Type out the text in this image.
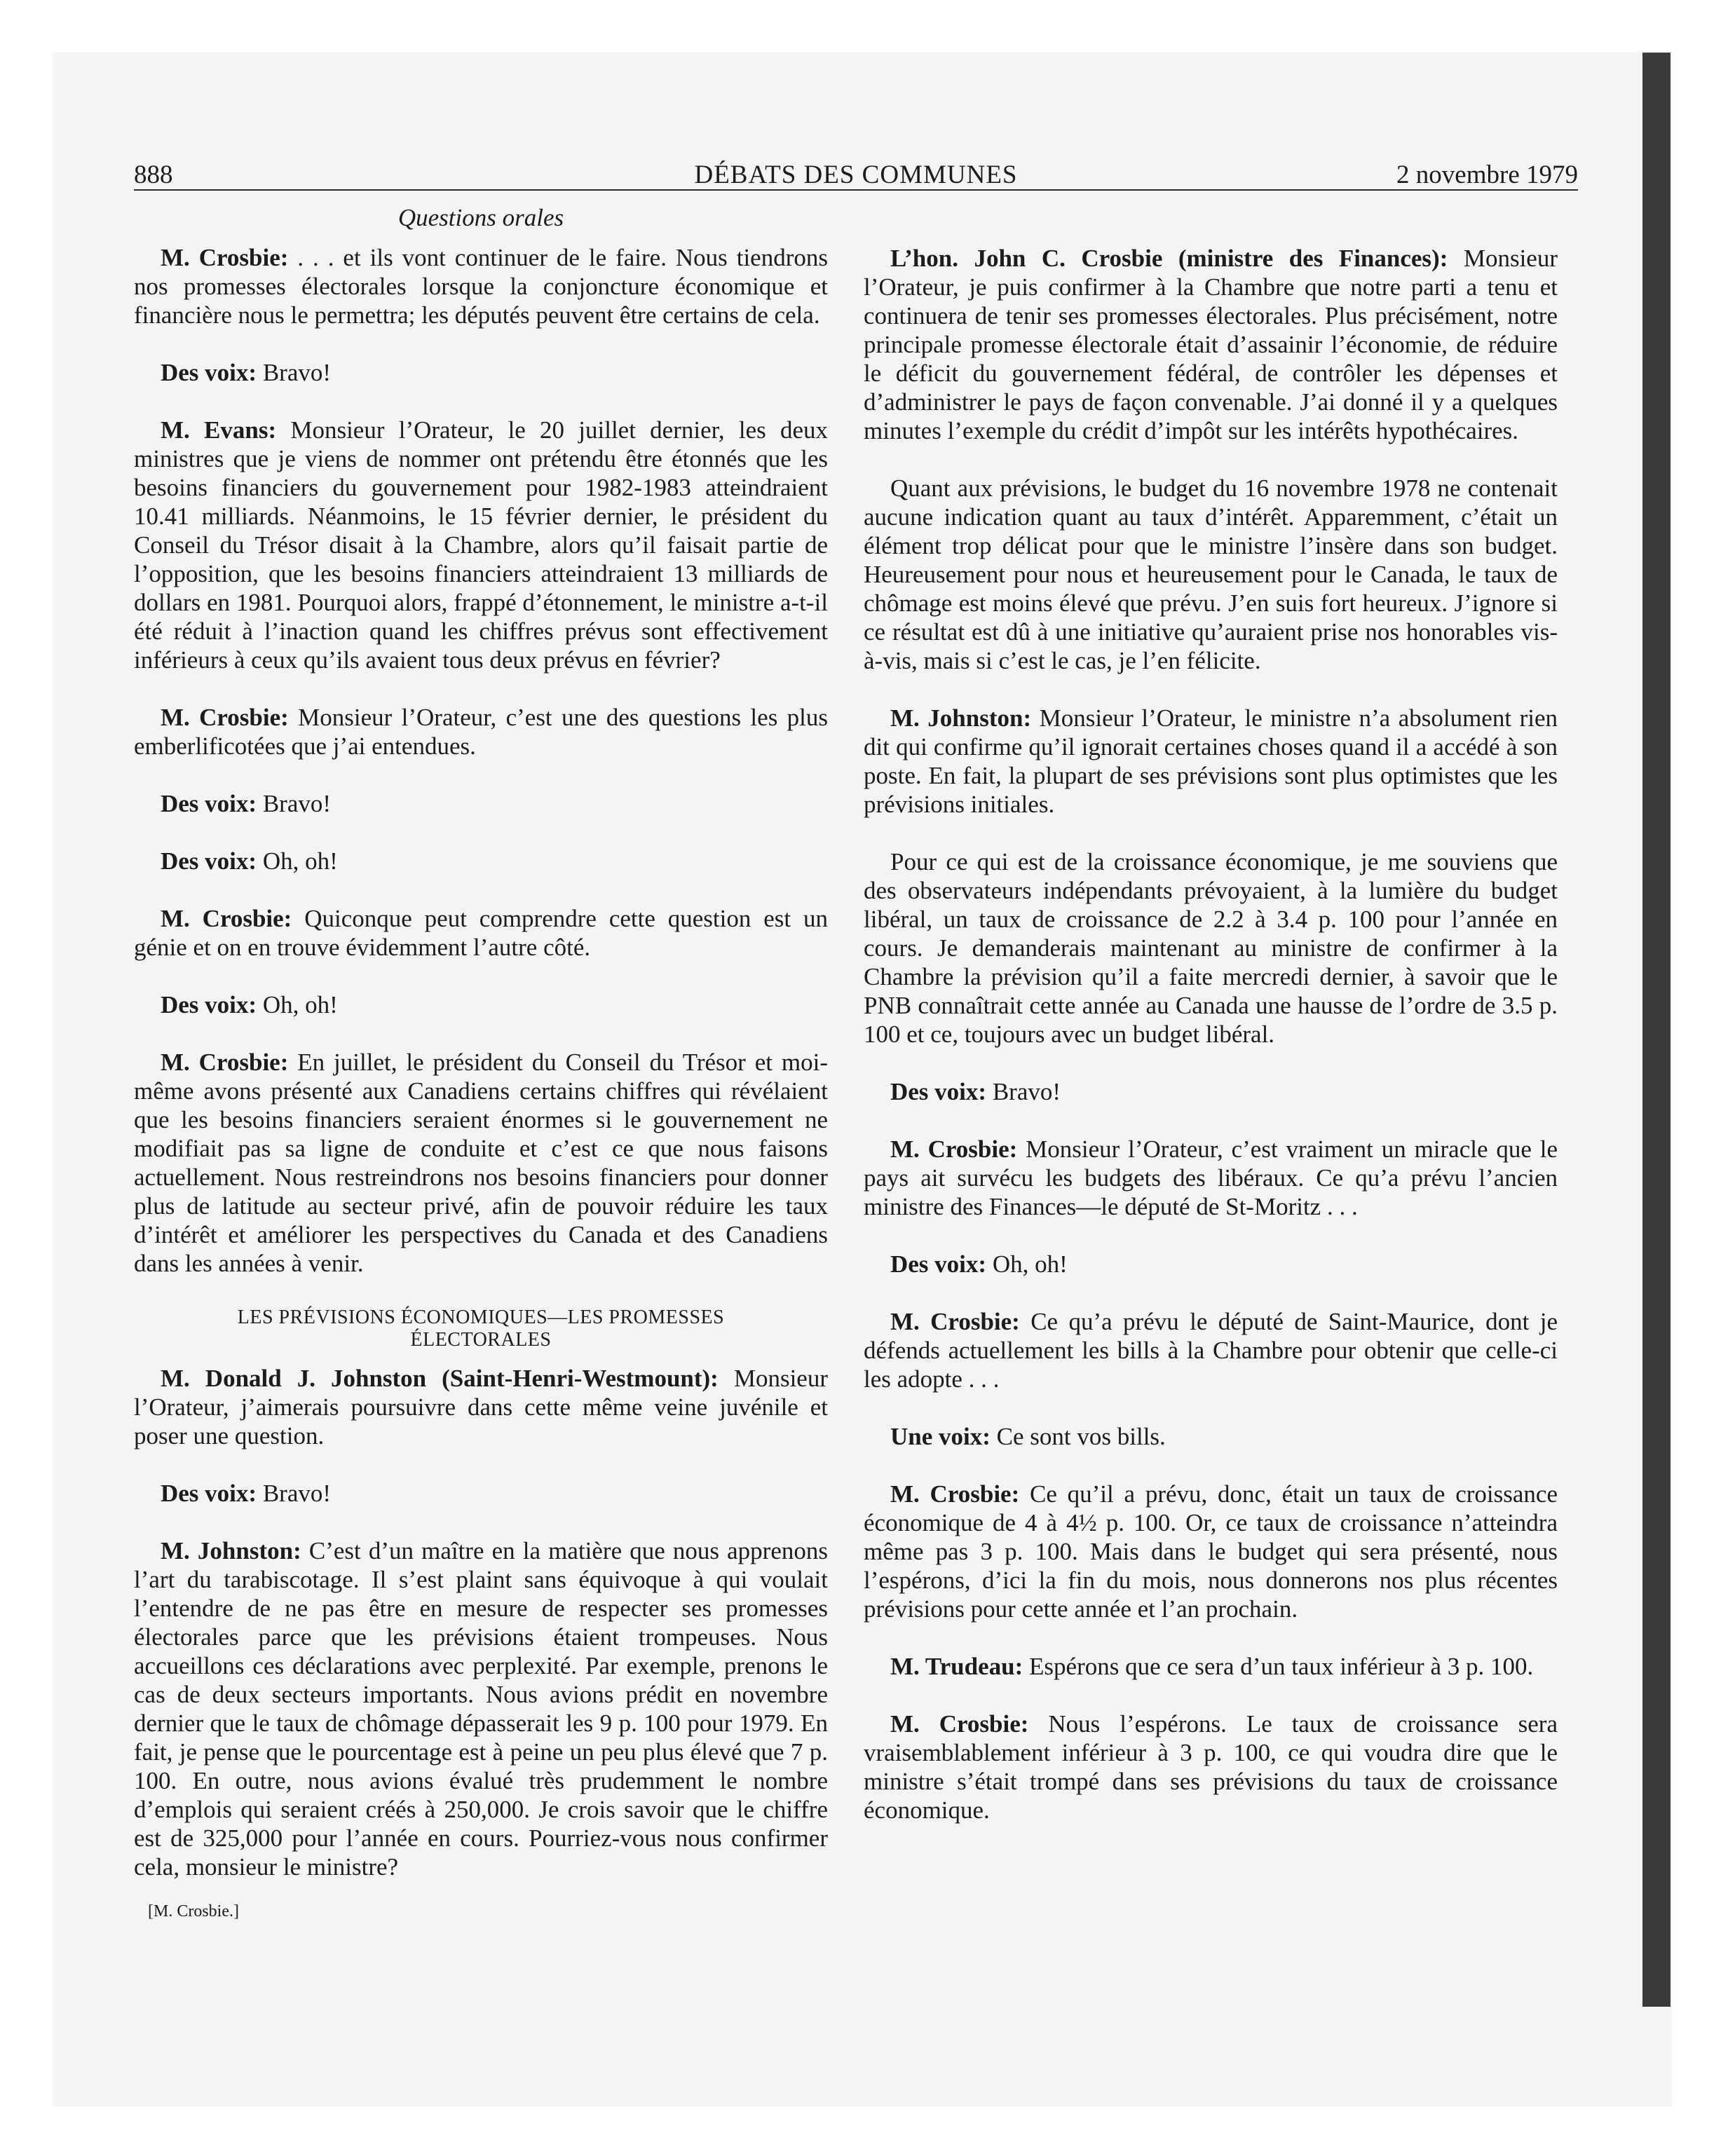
888	DÉBATS DES COMMUNES	2 novembre 1979
Questions orales
M. Crosbie: . . . et ils vont continuer de le faire. Nous tiendrons nos promesses électorales lorsque la conjoncture économique et financière nous le permettra; les députés peuvent être certains de cela.
Des voix: Bravo!
M. Evans: Monsieur l’Orateur, le 20 juillet dernier, les deux ministres que je viens de nommer ont prétendu être étonnés que les besoins financiers du gouvernement pour 1982-1983 atteindraient 10.41 milliards. Néanmoins, le 15 février dernier, le président du Conseil du Trésor disait à la Chambre, alors qu’il faisait partie de l’opposition, que les besoins financiers atteindraient 13 milliards de dollars en 1981. Pourquoi alors, frappé d’étonnement, le ministre a-t-il été réduit à l’inaction quand les chiffres prévus sont effectivement inférieurs à ceux qu’ils avaient tous deux prévus en février?
M. Crosbie: Monsieur l’Orateur, c’est une des questions les plus emberlificotées que j’ai entendues.
Des voix: Bravo!
Des voix: Oh, oh!
M. Crosbie: Quiconque peut comprendre cette question est un génie et on en trouve évidemment l’autre côté.
Des voix: Oh, oh!
M. Crosbie: En juillet, le président du Conseil du Trésor et moi-même avons présenté aux Canadiens certains chiffres qui révélaient que les besoins financiers seraient énormes si le gouvernement ne modifiait pas sa ligne de conduite et c’est ce que nous faisons actuellement. Nous restreindrons nos besoins financiers pour donner plus de latitude au secteur privé, afin de pouvoir réduire les taux d’intérêt et améliorer les perspectives du Canada et des Canadiens dans les années à venir.
LES PRÉVISIONS ÉCONOMIQUES—LES PROMESSES ÉLECTORALES
M. Donald J. Johnston (Saint-Henri-Westmount): Monsieur l’Orateur, j’aimerais poursuivre dans cette même veine juvénile et poser une question.
Des voix: Bravo!
M. Johnston: C’est d’un maître en la matière que nous apprenons l’art du tarabiscotage. Il s’est plaint sans équivoque à qui voulait l’entendre de ne pas être en mesure de respecter ses promesses électorales parce que les prévisions étaient trompeuses. Nous accueillons ces déclarations avec perplexité. Par exemple, prenons le cas de deux secteurs importants. Nous avions prédit en novembre dernier que le taux de chômage dépasserait les 9 p. 100 pour 1979. En fait, je pense que le pourcentage est à peine un peu plus élevé que 7 p. 100. En outre, nous avions évalué très prudemment le nombre d’emplois qui seraient créés à 250,000. Je crois savoir que le chiffre est de 325,000 pour l’année en cours. Pourriez-vous nous confirmer cela, monsieur le ministre?
[M. Crosbie.]
L’hon. John C. Crosbie (ministre des Finances): Monsieur l’Orateur, je puis confirmer à la Chambre que notre parti a tenu et continuera de tenir ses promesses électorales. Plus précisément, notre principale promesse électorale était d’assainir l’économie, de réduire le déficit du gouvernement fédéral, de contrôler les dépenses et d’administrer le pays de façon convenable. J’ai donné il y a quelques minutes l’exemple du crédit d’impôt sur les intérêts hypothécaires.
Quant aux prévisions, le budget du 16 novembre 1978 ne contenait aucune indication quant au taux d’intérêt. Apparemment, c’était un élément trop délicat pour que le ministre l’insère dans son budget. Heureusement pour nous et heureusement pour le Canada, le taux de chômage est moins élevé que prévu. J’en suis fort heureux. J’ignore si ce résultat est dû à une initiative qu’auraient prise nos honorables vis-à-vis, mais si c’est le cas, je l’en félicite.
M. Johnston: Monsieur l’Orateur, le ministre n’a absolument rien dit qui confirme qu’il ignorait certaines choses quand il a accédé à son poste. En fait, la plupart de ses prévisions sont plus optimistes que les prévisions initiales.
Pour ce qui est de la croissance économique, je me souviens que des observateurs indépendants prévoyaient, à la lumière du budget libéral, un taux de croissance de 2.2 à 3.4 p. 100 pour l’année en cours. Je demanderais maintenant au ministre de confirmer à la Chambre la prévision qu’il a faite mercredi dernier, à savoir que le PNB connaîtrait cette année au Canada une hausse de l’ordre de 3.5 p. 100 et ce, toujours avec un budget libéral.
Des voix: Bravo!
M. Crosbie: Monsieur l’Orateur, c’est vraiment un miracle que le pays ait survécu les budgets des libéraux. Ce qu’a prévu l’ancien ministre des Finances—le député de St-Moritz . . .
Des voix: Oh, oh!
M. Crosbie: Ce qu’a prévu le député de Saint-Maurice, dont je défends actuellement les bills à la Chambre pour obtenir que celle-ci les adopte . . .
Une voix: Ce sont vos bills.
M. Crosbie: Ce qu’il a prévu, donc, était un taux de croissance économique de 4 à 4½ p. 100. Or, ce taux de croissance n’atteindra même pas 3 p. 100. Mais dans le budget qui sera présenté, nous l’espérons, d’ici la fin du mois, nous donnerons nos plus récentes prévisions pour cette année et l’an prochain.
M. Trudeau: Espérons que ce sera d’un taux inférieur à 3 p. 100.
M. Crosbie: Nous l’espérons. Le taux de croissance sera vraisemblablement inférieur à 3 p. 100, ce qui voudra dire que le ministre s’était trompé dans ses prévisions du taux de croissance économique.
